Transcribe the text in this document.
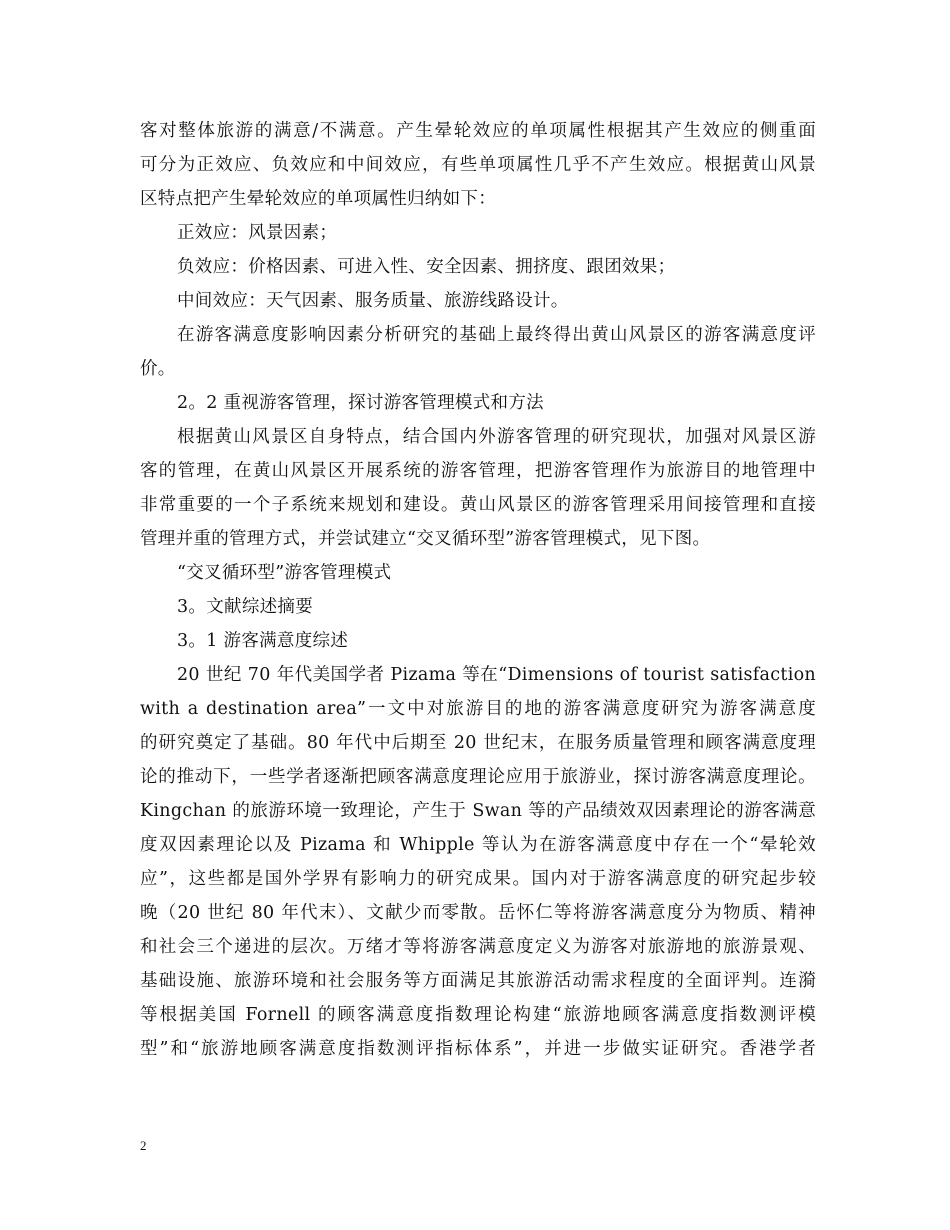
客对整体旅游的满意/不满意。产生晕轮效应的单项属性根据其产生效应的侧重面
可分为正效应、负效应和中间效应，有些单项属性几乎不产生效应。根据黄山风景
区特点把产生晕轮效应的单项属性归纳如下：
正效应：风景因素；
负效应：价格因素、可进入性、安全因素、拥挤度、跟团效果；
中间效应：天气因素、服务质量、旅游线路设计。
在游客满意度影响因素分析研究的基础上最终得出黄山风景区的游客满意度评
价。
2。2 重视游客管理，探讨游客管理模式和方法
根据黄山风景区自身特点，结合国内外游客管理的研究现状，加强对风景区游
客的管理，在黄山风景区开展系统的游客管理，把游客管理作为旅游目的地管理中
非常重要的一个子系统来规划和建设。黄山风景区的游客管理采用间接管理和直接
管理并重的管理方式，并尝试建立“交叉循环型”游客管理模式，见下图。
“交叉循环型”游客管理模式
3。文献综述摘要
3。1 游客满意度综述
20 世纪 70 年代美国学者 Pizama 等在“Dimensions of tourist satisfaction
with a destination area”一文中对旅游目的地的游客满意度研究为游客满意度
的研究奠定了基础。80 年代中后期至 20 世纪末，在服务质量管理和顾客满意度理
论的推动下，一些学者逐渐把顾客满意度理论应用于旅游业，探讨游客满意度理论。
Kingchan 的旅游环境一致理论，产生于 Swan 等的产品绩效双因素理论的游客满意
度双因素理论以及 Pizama 和 Whipple 等认为在游客满意度中存在一个“晕轮效
应”，这些都是国外学界有影响力的研究成果。国内对于游客满意度的研究起步较
晚（20 世纪 80 年代末）、文献少而零散。岳怀仁等将游客满意度分为物质、精神
和社会三个递进的层次。万绪才等将游客满意度定义为游客对旅游地的旅游景观、
基础设施、旅游环境和社会服务等方面满足其旅游活动需求程度的全面评判。连漪
等根据美国 Fornell 的顾客满意度指数理论构建“旅游地顾客满意度指数测评模
型”和“旅游地顾客满意度指数测评指标体系”，并进一步做实证研究。香港学者
2
